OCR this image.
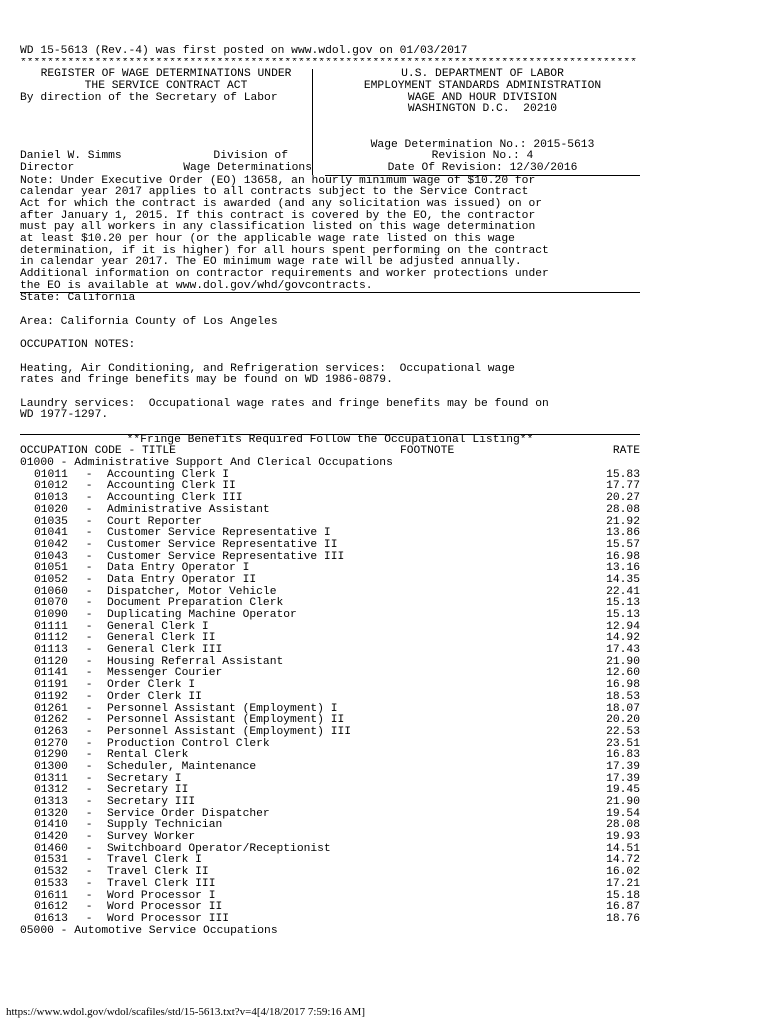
WD 15-5613 (Rev.-4) was first posted on www.wdol.gov on 01/03/2017
*******************************************************************************************
REGISTER OF WAGE DETERMINATIONS UNDER
THE SERVICE CONTRACT ACT
By direction of the Secretary of Labor
Daniel W. Simms	Division of
Director	Wage Determinations
U.S. DEPARTMENT OF LABOR
EMPLOYMENT STANDARDS ADMINISTRATION
WAGE AND HOUR DIVISION
WASHINGTON D.C.  20210
Wage Determination No.: 2015-5613
Revision No.: 4
Date Of Revision: 12/30/2016
Note: Under Executive Order (EO) 13658, an hourly minimum wage of $10.20 for
calendar year 2017 applies to all contracts subject to the Service Contract
Act for which the contract is awarded (and any solicitation was issued) on or
after January 1, 2015. If this contract is covered by the EO, the contractor
must pay all workers in any classification listed on this wage determination
at least $10.20 per hour (or the applicable wage rate listed on this wage
determination, if it is higher) for all hours spent performing on the contract
in calendar year 2017. The EO minimum wage rate will be adjusted annually.
Additional information on contractor requirements and worker protections under
the EO is available at www.dol.gov/whd/govcontracts.
State: California
Area: California County of Los Angeles
OCCUPATION NOTES:
Heating, Air Conditioning, and Refrigeration services:  Occupational wage
rates and fringe benefits may be found on WD 1986-0879.
Laundry services:  Occupational wage rates and fringe benefits may be found on
WD 1977-1297.
**Fringe Benefits Required Follow the Occupational Listing**
OCCUPATION CODE - TITLE	FOOTNOTE	RATE
01000 - Administrative Support And Clerical Occupations
01011 - Accounting Clerk I	15.83
01012 - Accounting Clerk II	17.77
01013 - Accounting Clerk III	20.27
01020 - Administrative Assistant	28.08
01035 - Court Reporter	21.92
01041 - Customer Service Representative I	13.86
01042 - Customer Service Representative II	15.57
01043 - Customer Service Representative III	16.98
01051 - Data Entry Operator I	13.16
01052 - Data Entry Operator II	14.35
01060 - Dispatcher, Motor Vehicle	22.41
01070 - Document Preparation Clerk	15.13
01090 - Duplicating Machine Operator	15.13
01111 - General Clerk I	12.94
01112 - General Clerk II	14.92
01113 - General Clerk III	17.43
01120 - Housing Referral Assistant	21.90
01141 - Messenger Courier	12.60
01191 - Order Clerk I	16.98
01192 - Order Clerk II	18.53
01261 - Personnel Assistant (Employment) I	18.07
01262 - Personnel Assistant (Employment) II	20.20
01263 - Personnel Assistant (Employment) III	22.53
01270 - Production Control Clerk	23.51
01290 - Rental Clerk	16.83
01300 - Scheduler, Maintenance	17.39
01311 - Secretary I	17.39
01312 - Secretary II	19.45
01313 - Secretary III	21.90
01320 - Service Order Dispatcher	19.54
01410 - Supply Technician	28.08
01420 - Survey Worker	19.93
01460 - Switchboard Operator/Receptionist	14.51
01531 - Travel Clerk I	14.72
01532 - Travel Clerk II	16.02
01533 - Travel Clerk III	17.21
01611 - Word Processor I	15.18
01612 - Word Processor II	16.87
01613 - Word Processor III	18.76
05000 - Automotive Service Occupations
https://www.wdol.gov/wdol/scafiles/std/15-5613.txt?v=4[4/18/2017 7:59:16 AM]
